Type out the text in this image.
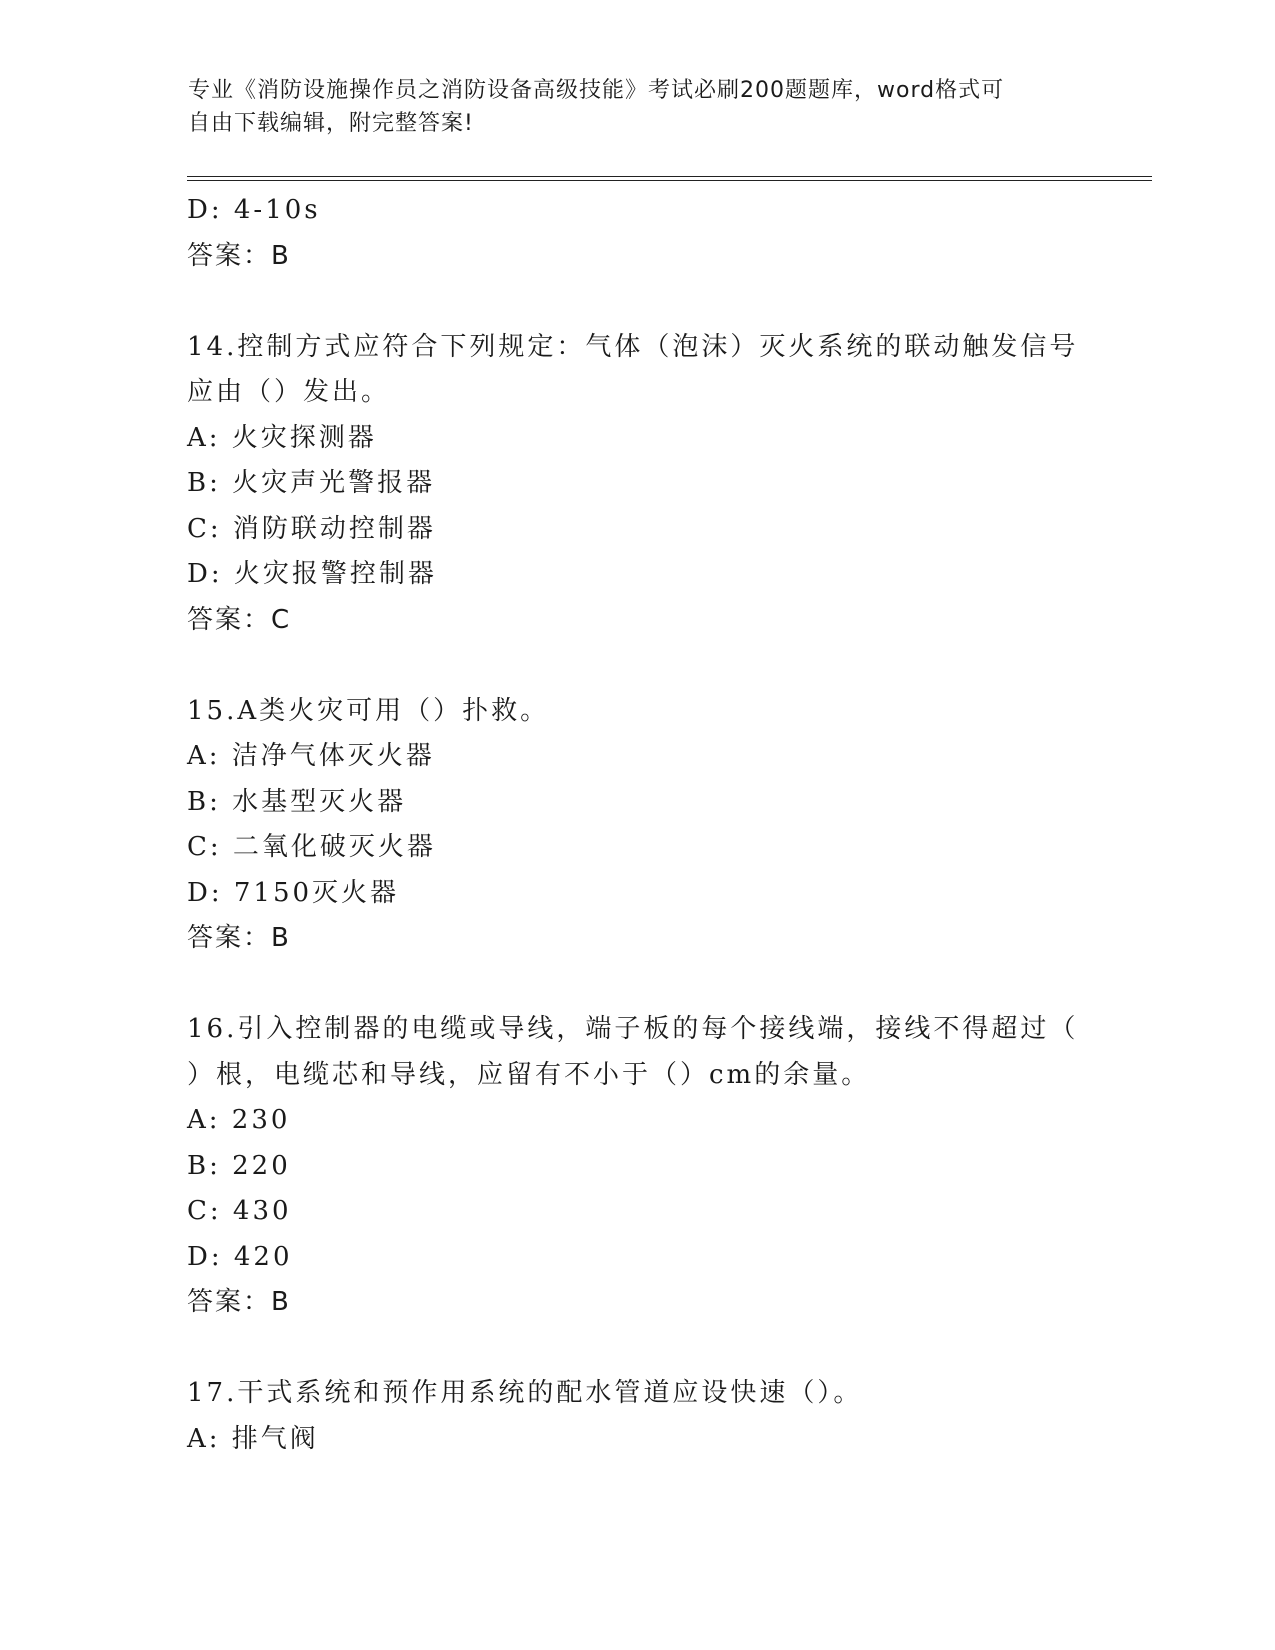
专业《消防设施操作员之消防设备高级技能》考试必刷200题题库，word格式可
自由下载编辑，附完整答案!
D: 4-10s
答案：B
14.控制方式应符合下列规定：气体（泡沫）灭火系统的联动触发信号
应由（）发出。
A: 火灾探测器
B: 火灾声光警报器
C: 消防联动控制器
D: 火灾报警控制器
答案：C
15.A类火灾可用（）扑救。
A: 洁净气体灭火器
B: 水基型灭火器
C: 二氧化破灭火器
D: 7150灭火器
答案：B
16.引入控制器的电缆或导线，端子板的每个接线端，接线不得超过（
）根，电缆芯和导线，应留有不小于（）cm的余量。
A: 230
B: 220
C: 430
D: 420
答案：B
17.干式系统和预作用系统的配水管道应设快速（）。
A: 排气阀
